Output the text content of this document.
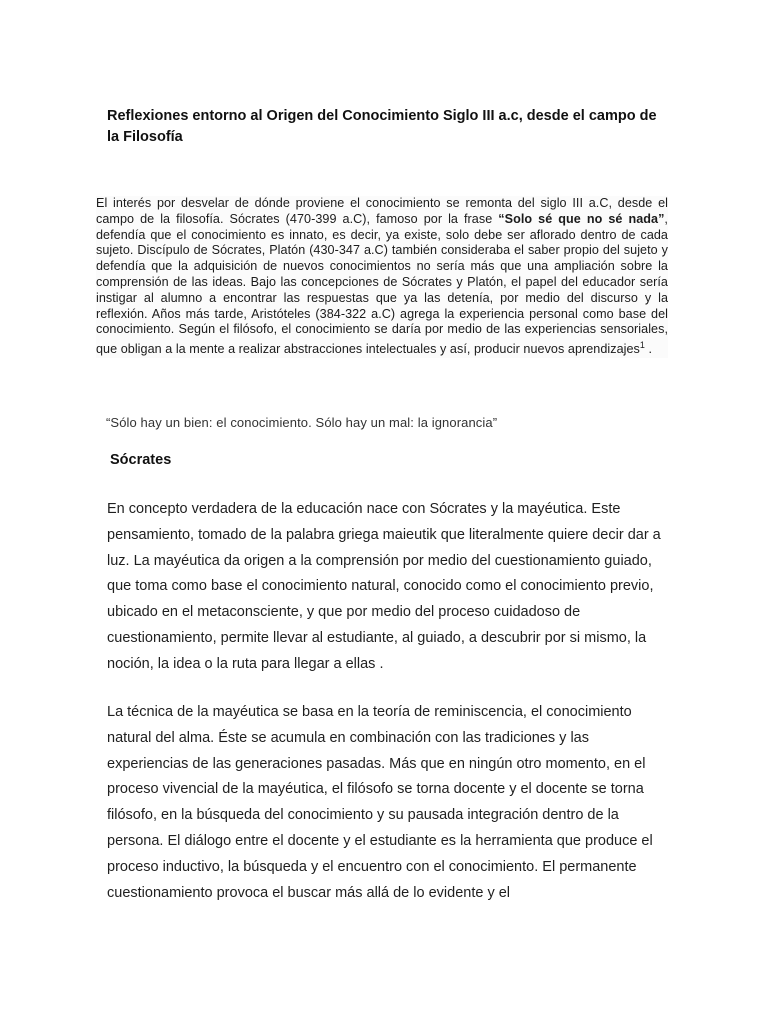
Reflexiones entorno al Origen del Conocimiento Siglo III a.c, desde el campo de la Filosofía

El interés por desvelar de dónde proviene el conocimiento se remonta del siglo III a.C, desde el campo de la filosofía. Sócrates (470-399 a.C), famoso por la frase “Solo sé que no sé nada”, defendía que el conocimiento es innato, es decir, ya existe, solo debe ser aflorado dentro de cada sujeto. Discípulo de Sócrates, Platón (430-347 a.C) también consideraba el saber propio del sujeto y defendía que la adquisición de nuevos conocimientos no sería más que una ampliación sobre la comprensión de las ideas. Bajo las concepciones de Sócrates y Platón, el papel del educador sería instigar al alumno a encontrar las respuestas que ya las detenía, por medio del discurso y la reflexión. Años más tarde, Aristóteles (384-322 a.C) agrega la experiencia personal como base del conocimiento. Según el filósofo, el conocimiento se daría por medio de las experiencias sensoriales, que obligan a la mente a realizar abstracciones intelectuales y así, producir nuevos aprendizajes$^1$ .

“Sólo hay un bien: el conocimiento. Sólo hay un mal: la ignorancia”
Sócrates

En concepto verdadera de la educación nace con Sócrates y la mayéutica. Este pensamiento, tomado de la palabra griega maieutik que literalmente quiere decir dar a luz. La mayéutica da origen a la comprensión por medio del cuestionamiento guiado, que toma como base el conocimiento natural, conocido como el conocimiento previo, ubicado en el metaconsciente, y que por medio del proceso cuidadoso de cuestionamiento, permite llevar al estudiante, al guiado, a descubrir por si mismo, la noción, la idea o la ruta para llegar a ellas .

La técnica de la mayéutica se basa en la teoría de reminiscencia, el conocimiento natural del alma. Éste se acumula en combinación con las tradiciones y las experiencias de las generaciones pasadas. Más que en ningún otro momento, en el proceso vivencial de la mayéutica, el filósofo se torna docente y el docente se torna filósofo, en la búsqueda del conocimiento y su pausada integración dentro de la persona. El diálogo entre el docente y el estudiante es la herramienta que produce el proceso inductivo, la búsqueda y el encuentro con el conocimiento. El permanente cuestionamiento provoca el buscar más allá de lo evidente y el
